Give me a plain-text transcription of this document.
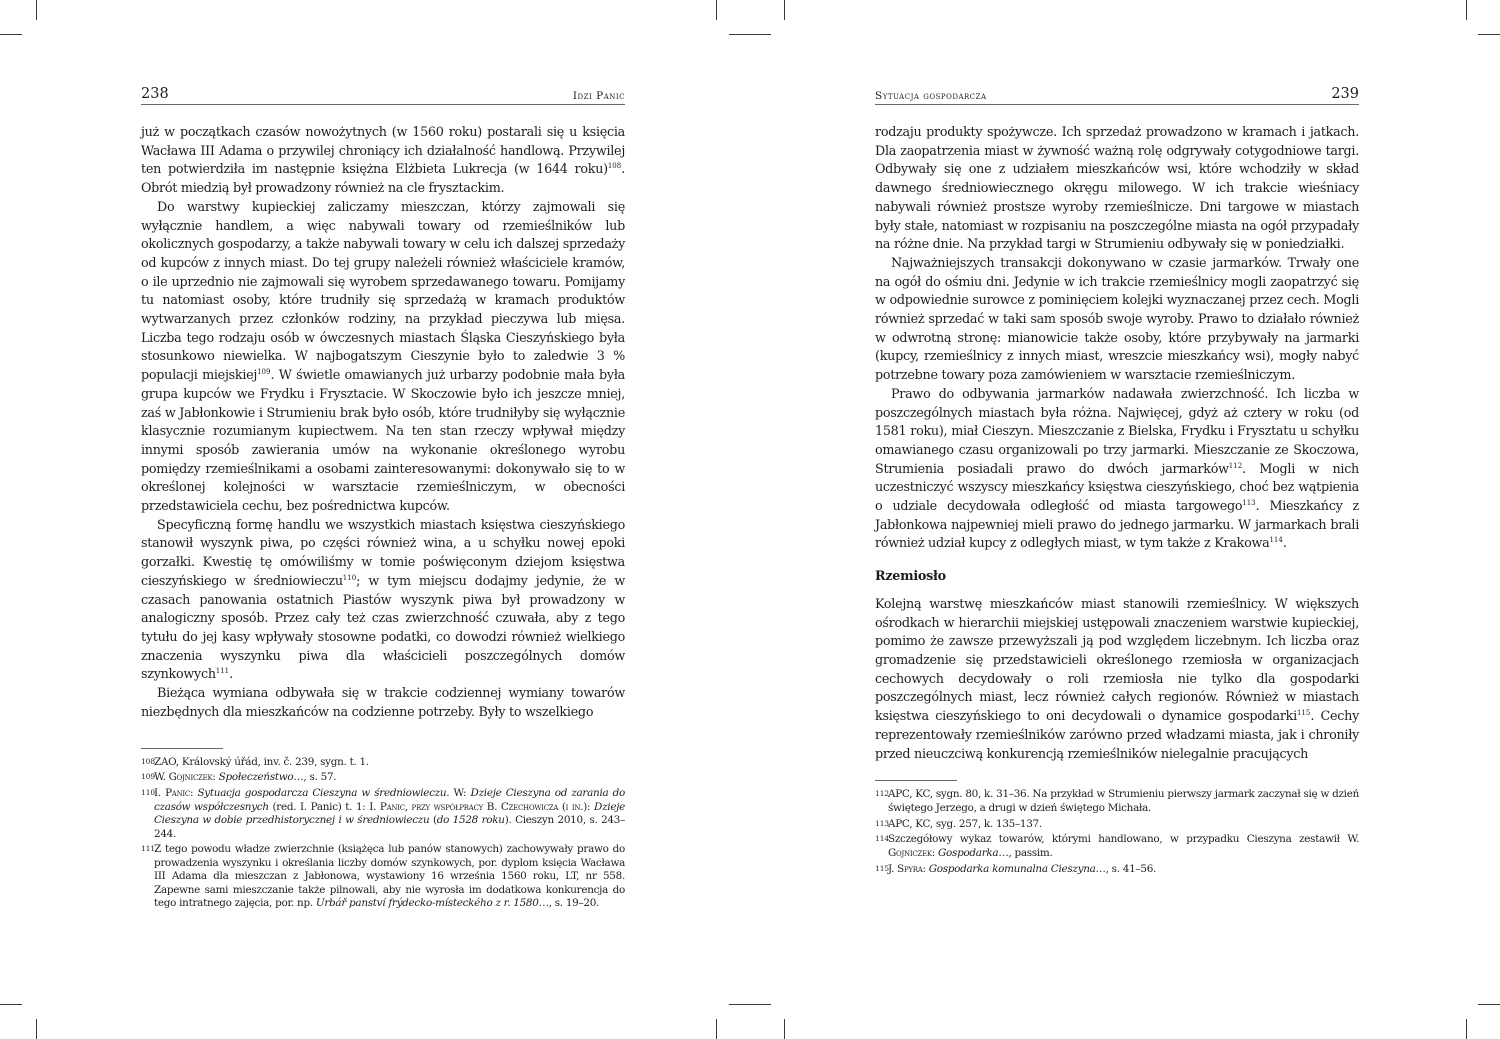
238	Idzi Panic

już w początkach czasów nowożytnych (w 1560 roku) postarali się u księcia Wacława III Adama o przywilej chroniący ich działalność handlową. Przywilej ten potwierdziła im następnie księżna Elżbieta Lukrecja (w 1644 roku)$^{108}$. Obrót miedzią był prowadzony również na cle frysztackim.

Do warstwy kupieckiej zaliczamy mieszczan, którzy zajmowali się wyłącznie handlem, a więc nabywali towary od rzemieślników lub okolicznych gospodarzy, a także nabywali towary w celu ich dalszej sprzedaży od kupców z innych miast. Do tej grupy należeli również właściciele kramów, o ile uprzednio nie zajmowali się wyrobem sprzedawanego towaru. Pomijamy tu natomiast osoby, które trudniły się sprzedażą w kramach produktów wytwarzanych przez członków rodziny, na przykład pieczywa lub mięsa. Liczba tego rodzaju osób w ówczesnych miastach Śląska Cieszyńskiego była stosunkowo niewielka. W najbogatszym Cieszynie było to zaledwie 3 % populacji miejskiej$^{109}$. W świetle omawianych już urbarzy podobnie mała była grupa kupców we Frydku i Frysztacie. W Skoczowie było ich jeszcze mniej, zaś w Jabłonkowie i Strumieniu brak było osób, które trudniłyby się wyłącznie klasycznie rozumianym kupiectwem. Na ten stan rzeczy wpływał między innymi sposób zawierania umów na wykonanie określonego wyrobu pomiędzy rzemieślnikami a osobami zainteresowanymi: dokonywało się to w określonej kolejności w warsztacie rzemieślniczym, w obecności przedstawiciela cechu, bez pośrednictwa kupców.

Specyficzną formę handlu we wszystkich miastach księstwa cieszyńskiego stanowił wyszynk piwa, po części również wina, a u schyłku nowej epoki gorzałki. Kwestię tę omówiliśmy w tomie poświęconym dziejom księstwa cieszyńskiego w średniowieczu$^{110}$; w tym miejscu dodajmy jedynie, że w czasach panowania ostatnich Piastów wyszynk piwa był prowadzony w analogiczny sposób. Przez cały też czas zwierzchność czuwała, aby z tego tytułu do jej kasy wpływały stosowne podatki, co dowodzi również wielkiego znaczenia wyszynku piwa dla właścicieli poszczególnych domów szynkowych$^{111}$.

Bieżąca wymiana odbywała się w trakcie codziennej wymiany towarów niezbędnych dla mieszkańców na codzienne potrzeby. Były to wszelkiego

108
ZAO, Královský úřád, inv. č. 239, sygn. t. 1.
109
W. Gojniczek: Społeczeństwo…, s. 57.
110
I. Panic: Sytuacja gospodarcza Cieszyna w średniowieczu. W: Dzieje Cieszyna od zarania do czasów współczesnych (red. I. Panic) t. 1: I. Panic, przy współpracy B. Czechowicza (i in.): Dzieje Cieszyna w dobie przedhistorycznej i w średniowieczu (do 1528 roku). Cieszyn 2010, s. 243–244.
111
Z tego powodu władze zwierzchnie (książęca lub panów stanowych) zachowywały prawo do prowadzenia wyszynku i określania liczby domów szynkowych, por. dyplom księcia Wacława III Adama dla mieszczan z Jabłonowa, wystawiony 16 września 1560 roku, LT, nr 558. Zapewne sami mieszczanie także pilnowali, aby nie wyrosła im dodatkowa konkurencja do tego intratnego zajęcia, por. np. Urbář panství frýdecko-místeckého z r. 1580…, s. 19–20.
Sytuacja gospodarcza	239

rodzaju produkty spożywcze. Ich sprzedaż prowadzono w kramach i jatkach. Dla zaopatrzenia miast w żywność ważną rolę odgrywały cotygodniowe targi. Odbywały się one z udziałem mieszkańców wsi, które wchodziły w skład dawnego średniowiecznego okręgu milowego. W ich trakcie wieśniacy nabywali również prostsze wyroby rzemieślnicze. Dni targowe w miastach były stałe, natomiast w rozpisaniu na poszczególne miasta na ogół przypadały na różne dnie. Na przykład targi w Strumieniu odbywały się w poniedziałki.

Najważniejszych transakcji dokonywano w czasie jarmarków. Trwały one na ogół do ośmiu dni. Jedynie w ich trakcie rzemieślnicy mogli zaopatrzyć się w odpowiednie surowce z pominięciem kolejki wyznaczanej przez cech. Mogli również sprzedać w taki sam sposób swoje wyroby. Prawo to działało również w odwrotną stronę: mianowicie także osoby, które przybywały na jarmarki (kupcy, rzemieślnicy z innych miast, wreszcie mieszkańcy wsi), mogły nabyć potrzebne towary poza zamówieniem w warsztacie rzemieślniczym.

Prawo do odbywania jarmarków nadawała zwierzchność. Ich liczba w poszczególnych miastach była różna. Najwięcej, gdyż aż cztery w roku (od 1581 roku), miał Cieszyn. Mieszczanie z Bielska, Frydku i Frysztatu u schyłku omawianego czasu organizowali po trzy jarmarki. Mieszczanie ze Skoczowa, Strumienia posiadali prawo do dwóch jarmarków$^{112}$. Mogli w nich uczestniczyć wszyscy mieszkańcy księstwa cieszyńskiego, choć bez wątpienia o udziale decydowała odległość od miasta targowego$^{113}$. Mieszkańcy z Jabłonkowa najpewniej mieli prawo do jednego jarmarku. W jarmarkach brali również udział kupcy z odległych miast, w tym także z Krakowa$^{114}$.

Rzemiosło

Kolejną warstwę mieszkańców miast stanowili rzemieślnicy. W większych ośrodkach w hierarchii miejskiej ustępowali znaczeniem warstwie kupieckiej, pomimo że zawsze przewyższali ją pod względem liczebnym. Ich liczba oraz gromadzenie się przedstawicieli określonego rzemiosła w organizacjach cechowych decydowały o roli rzemiosła nie tylko dla gospodarki poszczególnych miast, lecz również całych regionów. Również w miastach księstwa cieszyńskiego to oni decydowali o dynamice gospodarki$^{115}$. Cechy reprezentowały rzemieślników zarówno przed władzami miasta, jak i chroniły przed nieuczciwą konkurencją rzemieślników nielegalnie pracujących

112
APC, KC, sygn. 80, k. 31–36. Na przykład w Strumieniu pierwszy jarmark zaczynał się w dzień świętego Jerzego, a drugi w dzień świętego Michała.
113
APC, KC, syg. 257, k. 135–137.
114
Szczegółowy wykaz towarów, którymi handlowano, w przypadku Cieszyna zestawił W. Gojniczek: Gospodarka…, passim.
115
J. Spyra: Gospodarka komunalna Cieszyna…, s. 41–56.
